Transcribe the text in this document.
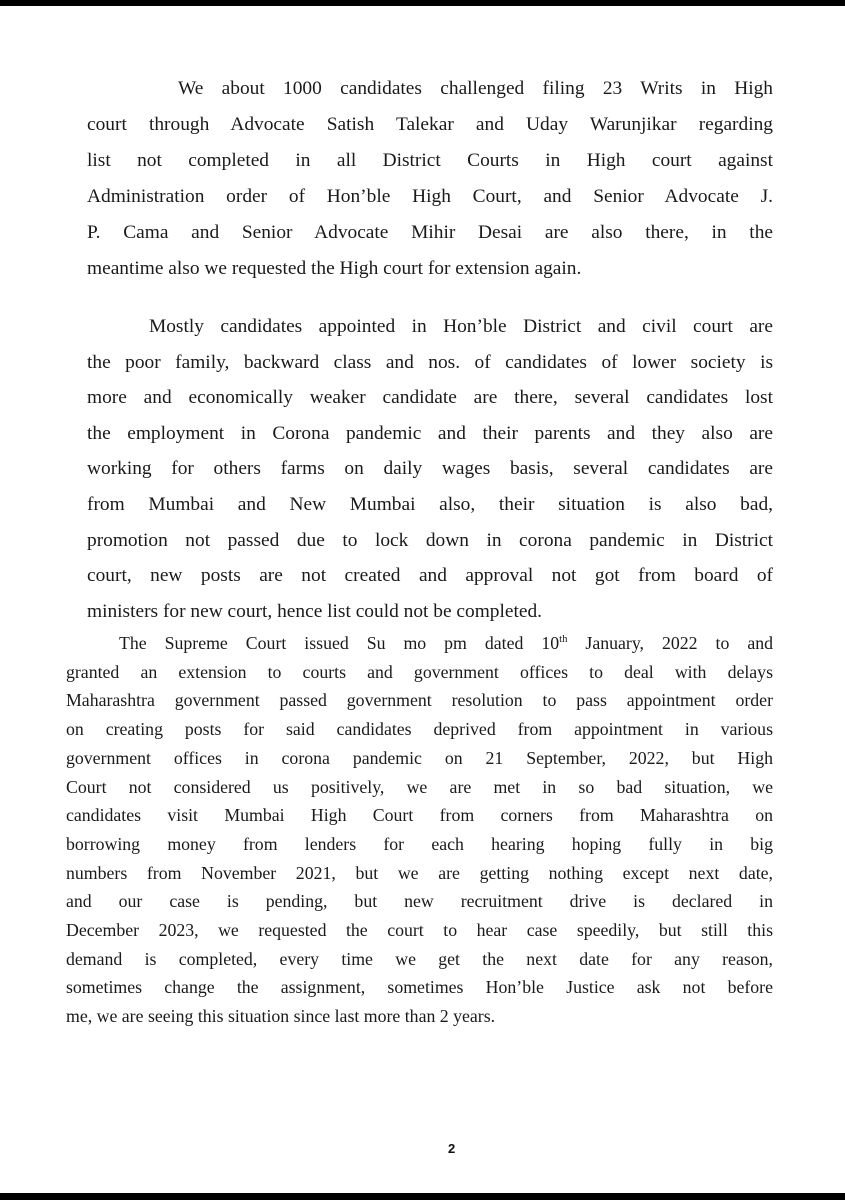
We about 1000 candidates challenged filing 23 Writs in High
court through Advocate Satish Talekar and Uday Warunjikar regarding
list not completed in all District Courts in High court against
Administration order of Hon’ble High Court, and Senior Advocate J.
P. Cama and Senior Advocate Mihir Desai are also there, in the
meantime also we requested the High court for extension again.
Mostly candidates appointed in Hon’ble District and civil court are
the poor family, backward class and nos. of candidates of lower society is
more and economically weaker candidate are there, several candidates lost
the employment in Corona pandemic and their parents and they also are
working for others farms on daily wages basis, several candidates are
from Mumbai and New Mumbai also, their situation is also bad,
promotion not passed due to lock down in corona pandemic in District
court, new posts are not created and approval not got from board of
ministers for new court, hence list could not be completed.
The Supreme Court issued Su mo pm dated 10th January, 2022 to and
granted an extension to courts and government offices to deal with delays
Maharashtra government passed government resolution to pass appointment order
on creating posts for said candidates deprived from appointment in various
government offices in corona pandemic on 21 September, 2022, but High
Court not considered us positively, we are met in so bad situation, we
candidates visit Mumbai High Court from corners from Maharashtra on
borrowing money from lenders for each hearing hoping fully in big
numbers from November 2021, but we are getting nothing except next date,
and our case is pending, but new recruitment drive is declared in
December 2023, we requested the court to hear case speedily, but still this
demand is completed, every time we get the next date for any reason,
sometimes change the assignment, sometimes Hon’ble Justice ask not before
me, we are seeing this situation since last more than 2 years.
2
